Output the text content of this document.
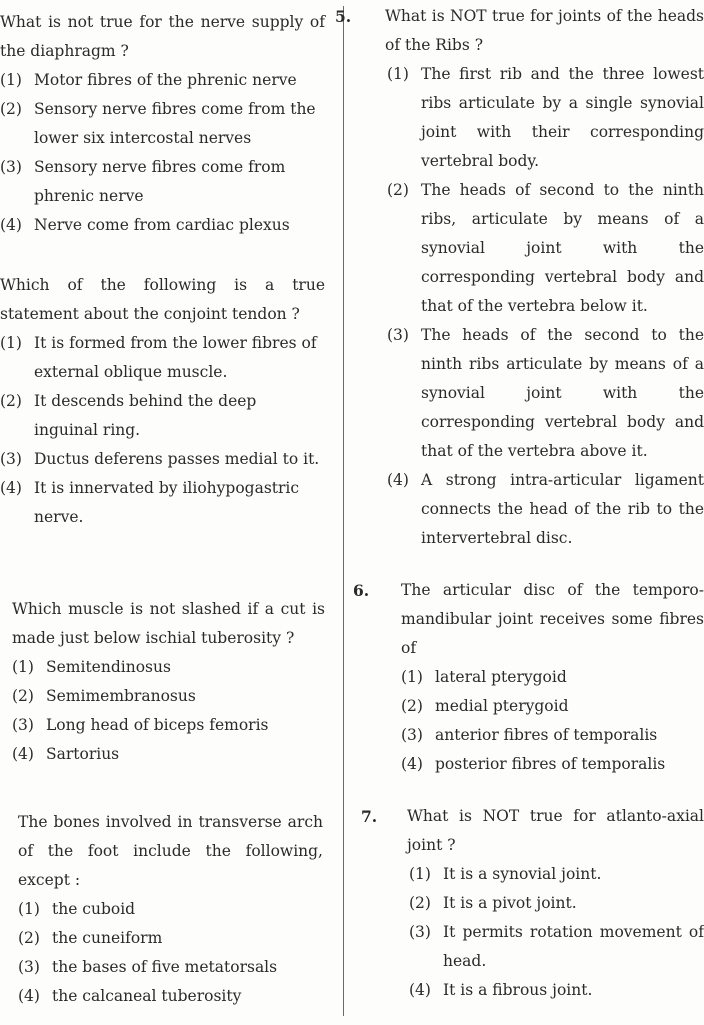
What is not true for the nerve supply of the diaphragm ?
(1) Motor fibres of the phrenic nerve
(2) Sensory nerve fibres come from the lower six intercostal nerves
(3) Sensory nerve fibres come from phrenic nerve
(4) Nerve come from cardiac plexus
Which of the following is a true statement about the conjoint tendon ?
(1) It is formed from the lower fibres of external oblique muscle.
(2) It descends behind the deep inguinal ring.
(3) Ductus deferens passes medial to it.
(4) It is innervated by iliohypogastric nerve.
Which muscle is not slashed if a cut is made just below ischial tuberosity ?
(1) Semitendinosus
(2) Semimembranosus
(3) Long head of biceps femoris
(4) Sartorius
The bones involved in transverse arch of the foot include the following, except :
(1) the cuboid
(2) the cuneiform
(3) the bases of five metatorsals
(4) the calcaneal tuberosity
5. What is NOT true for joints of the heads of the Ribs ?
(1) The first rib and the three lowest ribs articulate by a single synovial joint with their corresponding vertebral body.
(2) The heads of second to the ninth ribs, articulate by means of a synovial joint with the corresponding vertebral body and that of the vertebra below it.
(3) The heads of the second to the ninth ribs articulate by means of a synovial joint with the corresponding vertebral body and that of the vertebra above it.
(4) A strong intra-articular ligament connects the head of the rib to the intervertebral disc.
6. The articular disc of the temporo-mandibular joint receives some fibres of
(1) lateral pterygoid
(2) medial pterygoid
(3) anterior fibres of temporalis
(4) posterior fibres of temporalis
7. What is NOT true for atlanto-axial joint ?
(1) It is a synovial joint.
(2) It is a pivot joint.
(3) It permits rotation movement of head.
(4) It is a fibrous joint.
